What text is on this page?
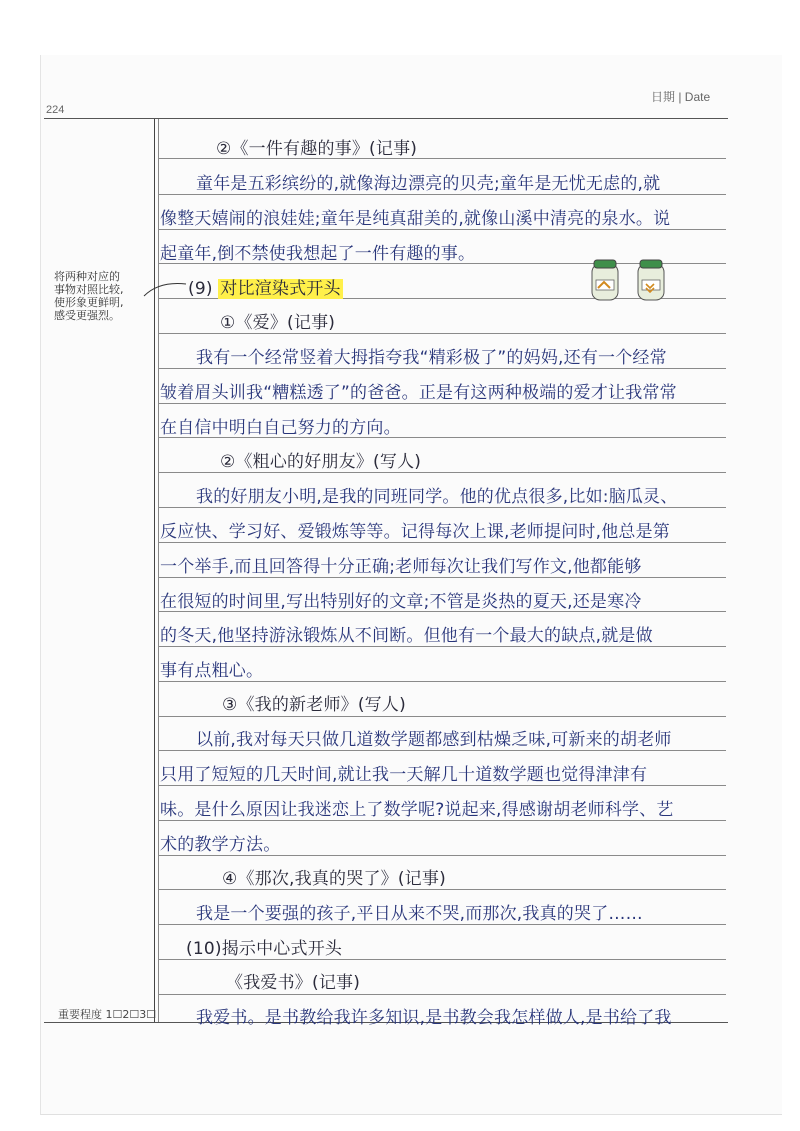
224
日期 | Date
将两种对应的
事物对照比较,
使形象更鲜明,
感受更强烈。
②《一件有趣的事》(记事)
童年是五彩缤纷的,就像海边漂亮的贝壳;童年是无忧无虑的,就
像整天嬉闹的浪娃娃;童年是纯真甜美的,就像山溪中清亮的泉水。说
起童年,倒不禁使我想起了一件有趣的事。
(9) 对比渲染式开头
①《爱》(记事)
我有一个经常竖着大拇指夸我“精彩极了”的妈妈,还有一个经常
皱着眉头训我“糟糕透了”的爸爸。正是有这两种极端的爱才让我常常
在自信中明白自己努力的方向。
②《粗心的好朋友》(写人)
我的好朋友小明,是我的同班同学。他的优点很多,比如:脑瓜灵、
反应快、学习好、爱锻炼等等。记得每次上课,老师提问时,他总是第
一个举手,而且回答得十分正确;老师每次让我们写作文,他都能够
在很短的时间里,写出特别好的文章;不管是炎热的夏天,还是寒冷
的冬天,他坚持游泳锻炼从不间断。但他有一个最大的缺点,就是做
事有点粗心。
③《我的新老师》(写人)
以前,我对每天只做几道数学题都感到枯燥乏味,可新来的胡老师
只用了短短的几天时间,就让我一天解几十道数学题也觉得津津有
味。是什么原因让我迷恋上了数学呢?说起来,得感谢胡老师科学、艺
术的教学方法。
④《那次,我真的哭了》(记事)
我是一个要强的孩子,平日从来不哭,而那次,我真的哭了……
(10)揭示中心式开头
《我爱书》(记事)
我爱书。是书教给我许多知识,是书教会我怎样做人,是书给了我
重要程度 1☐2☐3☐
